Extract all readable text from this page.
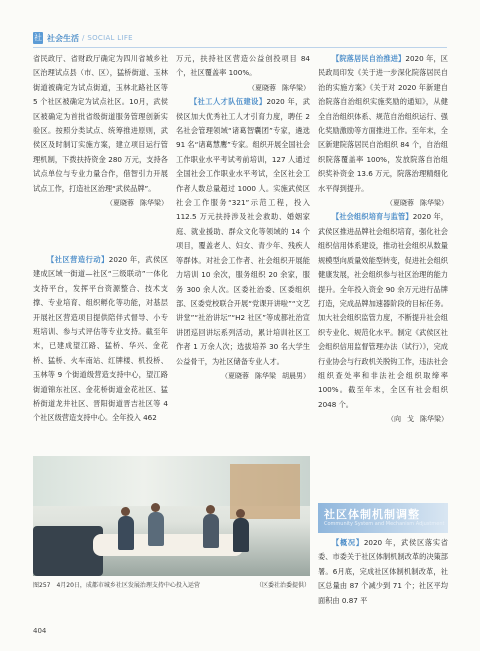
社 社会生活 / SOCIAL LIFE

省民政厅、省财政厅确定为四川省城乡社区治理试点县（市、区），猛桥街道、玉林街道被确定为试点街道，玉林北路社区等 5 个社区被确定为试点社区。10月，武侯区被确定为首批省级街道服务管理创新实验区。按照分类试点、统筹推进原则，武侯区及时制订实施方案，建立项目运行管理机制，下拨扶持资金 280 万元，支持各试点单位与专业力量合作，借智引力开展试点工作，打造社区治理“武侯品牌”。

（夏晓蓉 陈华梁）

【社区营造行动】2020 年，武侯区建成区域一街道—社区“三级联动”一体化支持平台，发挥平台资源整合、技术支撑、专业培育、组织孵化等功能，对基层开展社区营造项目提供陪伴式督导、小专班培训、参与式评估等专业支持。截至年末，已建成望江路、猛桥、华兴、金花桥、猛桥、火车南站、红牌楼、机投桥、玉林等 9 个街道级营造支持中心，望江路街道锦东社区、金花桥街道金花社区、猛桥街道龙井社区、晋阳街道晋吉社区等 4 个社区级营造支持中心。全年投入 462

万元，扶持社区营造公益创投项目 84 个，社区覆盖率 100%。

（夏晓蓉 陈华梁）

【社工人才队伍建设】2020 年，武侯区加大优秀社工人才引育力度，聘任 2 名社会管理领域“诸葛智囊团”专家，遴选 91 名“诸葛慧鹰”专家。组织开展全国社会工作职业水平考试考前培训，127 人通过全国社会工作职业水平考试，全区社会工作者人数总量超过 1000 人。实施武侯区社会工作服务“321”示范工程，投入 112.5 万元扶持涉及社会救助、婚姻家庭、就业援助、群众文化等领域的 14 个项目，覆盖老人、妇女、青少年、残疾人等群体。对社会工作者、社会组织开展能力培训 10 余次，服务组织 20 余家，服务 300 余人次。区委社治委、区委组织部、区委党校联合开展“党课开讲啦”“文艺讲堂”“社治讲坛”“H2 社区”等成都社治宣讲团巡回讲坛系列活动，累计培训社区工作者 1 万余人次；选拔培养 30 名大学生公益骨干，为社区储备专业人才。

（夏晓蓉 陈华梁 胡晨男）

【院落居民自治推进】2020 年，区民政局印发《关于进一步深化院落居民自治的实施方案》《关于对 2020 年新建自治院落自治组织实施奖励的通知》，从健全自治组织体系、规范自治组织运行、强化奖励激励等方面推进工作。至年末，全区新建院落居民自治组织 84 个，自治组织院落覆盖率 100%，发放院落自治组织奖补资金 13.6 万元，院落治理精细化水平得到提升。

（夏晓蓉 陈华梁）

【社会组织培育与监管】2020 年，武侯区推进品牌社会组织培育，强化社会组织信用体系建设，推动社会组织从数量规模型向质量效能型转变，促进社会组织健康发展，社会组织参与社区治理的能力提升。全年投入资金 90 余万元进行品牌打造，完成品牌加速器阶段的目标任务。加大社会组织监管力度，不断提升社会组织专业化、规范化水平。制定《武侯区社会组织信用监督管理办法（试行）》，完成行业协会与行政机关脱钩工作，违法社会组织查处率和非法社会组织取缔率 100%。截至年末，全区有社会组织 2048 个。

（向 戈 陈华梁）
图257　4月20日，成都市城乡社区发展治理支持中心投入运营	（区委社治委提供）
社区体制机制调整
Community System and Mechanism Adjustment

【概况】2020 年，武侯区落实省委、市委关于社区体制机制改革的决策部署。6月底，完成社区体制机制改革，社区总量由 87 个减少到 71 个；社区平均面积由 0.87 平

404
